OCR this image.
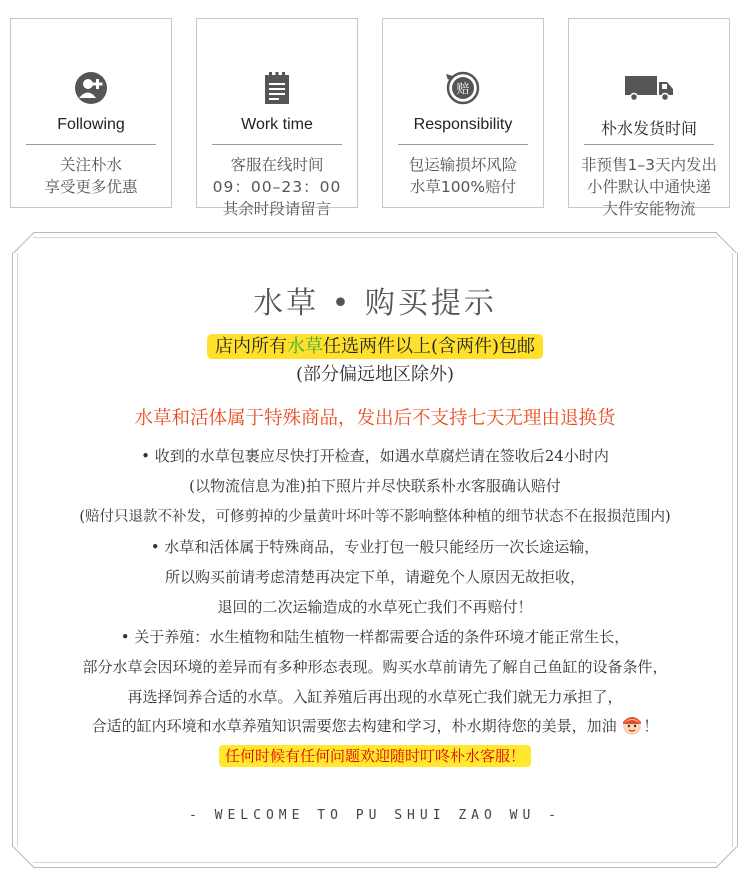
Following
关注朴水
享受更多优惠
Work time
客服在线时间
09：00–23：00
其余时段请留言
赔
Responsibility
包运输损坏风险
水草100%赔付
朴水发货时间
非预售1–3天内发出
小件默认中通快递
大件安能物流
水草 • 购买提示
店内所有水草任选两件以上(含两件)包邮
(部分偏远地区除外)
水草和活体属于特殊商品，发出后不支持七天无理由退换货
• 收到的水草包裹应尽快打开检查，如遇水草腐烂请在签收后24小时内
(以物流信息为准)拍下照片并尽快联系朴水客服确认赔付
(赔付只退款不补发，可修剪掉的少量黄叶坏叶等不影响整体种植的细节状态不在报损范围内)
• 水草和活体属于特殊商品，专业打包一般只能经历一次长途运输，
所以购买前请考虑清楚再决定下单，请避免个人原因无故拒收，
退回的二次运输造成的水草死亡我们不再赔付！
• 关于养殖：水生植物和陆生植物一样都需要合适的条件环境才能正常生长，
部分水草会因环境的差异而有多种形态表现。购买水草前请先了解自己鱼缸的设备条件，
再选择饲养合适的水草。入缸养殖后再出现的水草死亡我们就无力承担了，
合适的缸内环境和水草养殖知识需要您去构建和学习，朴水期待您的美景，加油 ！
任何时候有任何问题欢迎随时叮咚朴水客服！
- WELCOME TO PU SHUI ZAO WU -
